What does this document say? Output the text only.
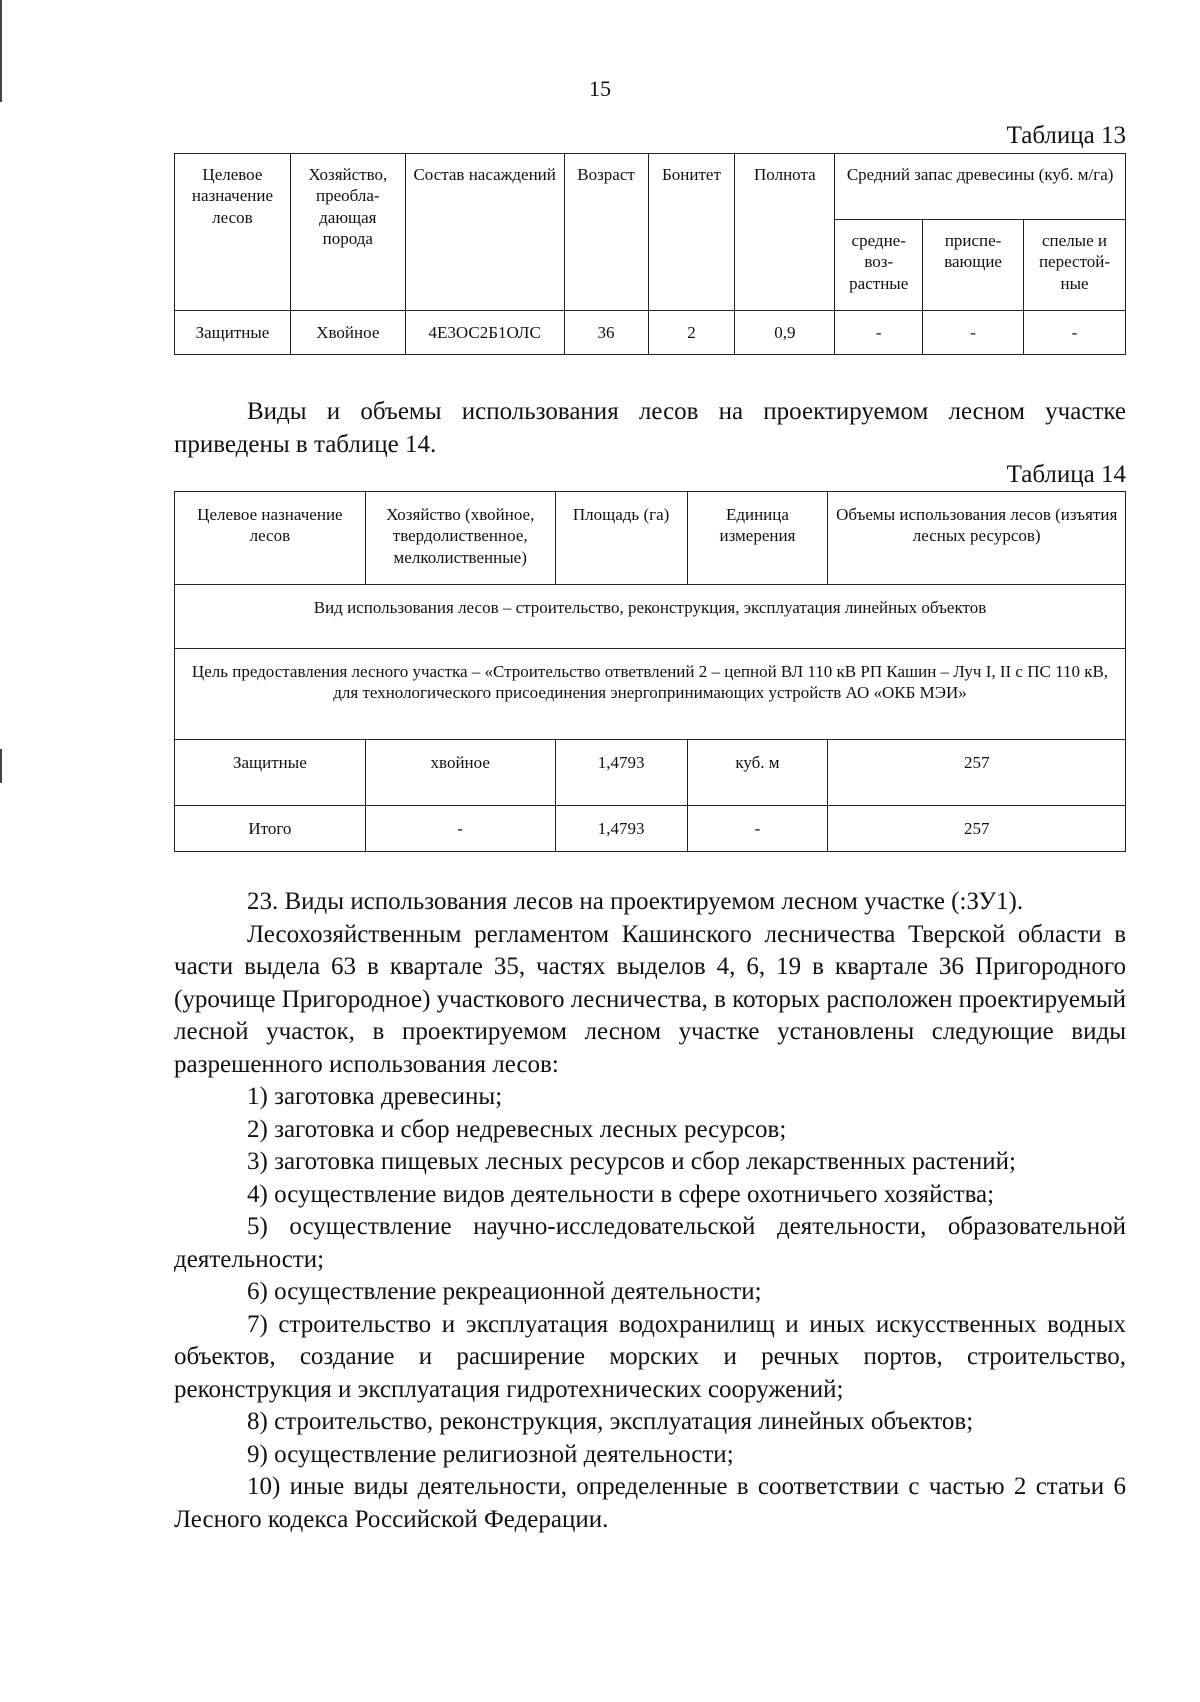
15
Таблица 13
Целевое назначение лесов	Хозяйство, преобла-дающая порода	Состав насаждений	Возраст	Бонитет	Полнота	Средний запас древесины (куб. м/га)		
						средне-воз-растные	приспе-вающие	спелые и перестой-ные
Защитные	Хвойное	4Е3ОС2Б1ОЛС	36	2	0,9	-	-	-

Виды и объемы использования лесов на проектируемом лесном участке приведены в таблице 14.

Таблица 14
Целевое назначение лесов	Хозяйство (хвойное, твердолиственное, мелколиственные)	Площадь (га)	Единица измерения	Объемы использования лесов (изъятия лесных ресурсов)
Вид использования лесов – строительство, реконструкция, эксплуатация линейных объектов				
Цель предоставления лесного участка – «Строительство ответвлений 2 – цепной ВЛ 110 кВ РП Кашин – Луч I, II с ПС 110 кВ, для технологического присоединения энергопринимающих устройств АО «ОКБ МЭИ»				
Защитные	хвойное	1,4793	куб. м	257
Итого	-	1,4793	-	257

23. Виды использования лесов на проектируемом лесном участке (:ЗУ1).

Лесохозяйственным регламентом Кашинского лесничества Тверской области в части выдела 63 в квартале 35, частях выделов 4, 6, 19 в квартале 36 Пригородного (урочище Пригородное) участкового лесничества, в которых расположен проектируемый лесной участок, в проектируемом лесном участке установлены следующие виды разрешенного использования лесов:

1) заготовка древесины;

2) заготовка и сбор недревесных лесных ресурсов;

3) заготовка пищевых лесных ресурсов и сбор лекарственных растений;

4) осуществление видов деятельности в сфере охотничьего хозяйства;

5) осуществление научно-исследовательской деятельности, образовательной деятельности;

6) осуществление рекреационной деятельности;

7) строительство и эксплуатация водохранилищ и иных искусственных водных объектов, создание и расширение морских и речных портов, строительство, реконструкция и эксплуатация гидротехнических сооружений;

8) строительство, реконструкция, эксплуатация линейных объектов;

9) осуществление религиозной деятельности;

10) иные виды деятельности, определенные в соответствии с частью 2 статьи 6 Лесного кодекса Российской Федерации.
